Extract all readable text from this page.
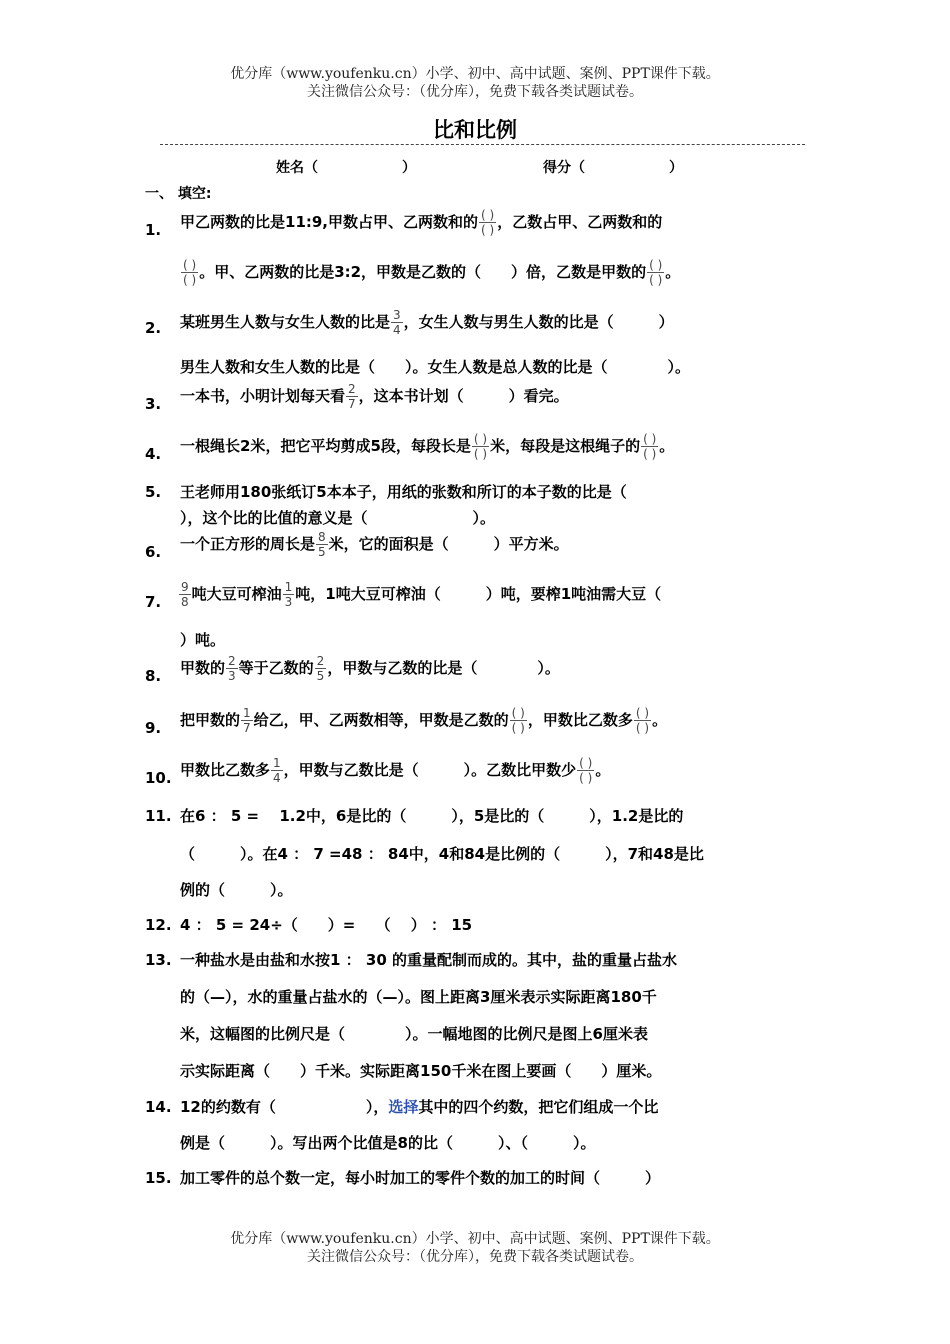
优分库（www.youfenku.cn）小学、初中、高中试题、案例、PPT课件下载。
关注微信公众号：（优分库），免费下载各类试题试卷。
比和比例
姓名（　　　　　　）	得分（　　　　　　）
一、 填空:
1. 甲乙两数的比是11:9,甲数占甲、乙两数和的 $\frac{( )}{( )}$ ，乙数占甲、乙两数和的
$\frac{( )}{( )}$ 。甲、乙两数的比是3:2，甲数是乙数的（　　）倍，乙数是甲数的 $\frac{( )}{( )}$ 。
2. 某班男生人数与女生人数的比是 $\frac{3}{4}$ ，女生人数与男生人数的比是（　　　）
男生人数和女生人数的比是（　　）。女生人数是总人数的比是（　　　　）。
3. 一本书，小明计划每天看 $\frac{2}{7}$ ，这本书计划（　　　）看完。
4. 一根绳长2米，把它平均剪成5段，每段长是 $\frac{( )}{( )}$ 米，每段是这根绳子的 $\frac{( )}{( )}$ 。
5. 王老师用180张纸订5本本子，用纸的张数和所订的本子数的比是（
），这个比的比值的意义是（　　　　　　　）。
6. 一个正方形的周长是 $\frac{8}{5}$ 米，它的面积是（　　　）平方米。
7. $\frac{9}{8}$ 吨大豆可榨油 $\frac{1}{3}$ 吨，1吨大豆可榨油（　　　）吨，要榨1吨油需大豆（
）吨。
8. 甲数的 $\frac{2}{3}$ 等于乙数的 $\frac{2}{5}$ ，甲数与乙数的比是（　　　　）。
9. 把甲数的 $\frac{1}{7}$ 给乙，甲、乙两数相等，甲数是乙数的 $\frac{( )}{( )}$ ，甲数比乙数多 $\frac{( )}{( )}$ 。
10. 甲数比乙数多 $\frac{1}{4}$ ，甲数与乙数比是（　　　）。乙数比甲数少 $\frac{( )}{( )}$ 。
11. 在6 ： 5 =　 1.2中，6是比的（　　　），5是比的（　　　），1.2是比的
（　　　）。在4 ： 7 =48 ： 84中，4和84是比例的（　　　），7和48是比
例的（　　　）。
12. 4 ： 5 = 24÷（　　）=　 （　 ） ： 15
13. 一种盐水是由盐和水按1 ： 30 的重量配制而成的。其中，盐的重量占盐水
的（—），水的重量占盐水的（—）。图上距离3厘米表示实际距离180千
米，这幅图的比例尺是（　　　　）。一幅地图的比例尺是图上6厘米表
示实际距离（　　）千米。实际距离150千米在图上要画（　　）厘米。
14. 12的约数有（　　　　　　），选择其中的四个约数，把它们组成一个比
例是（　　　）。写出两个比值是8的比（　　　）、（　　　）。
15. 加工零件的总个数一定，每小时加工的零件个数的加工的时间（　　　）
优分库（www.youfenku.cn）小学、初中、高中试题、案例、PPT课件下载。
关注微信公众号：（优分库），免费下载各类试题试卷。
